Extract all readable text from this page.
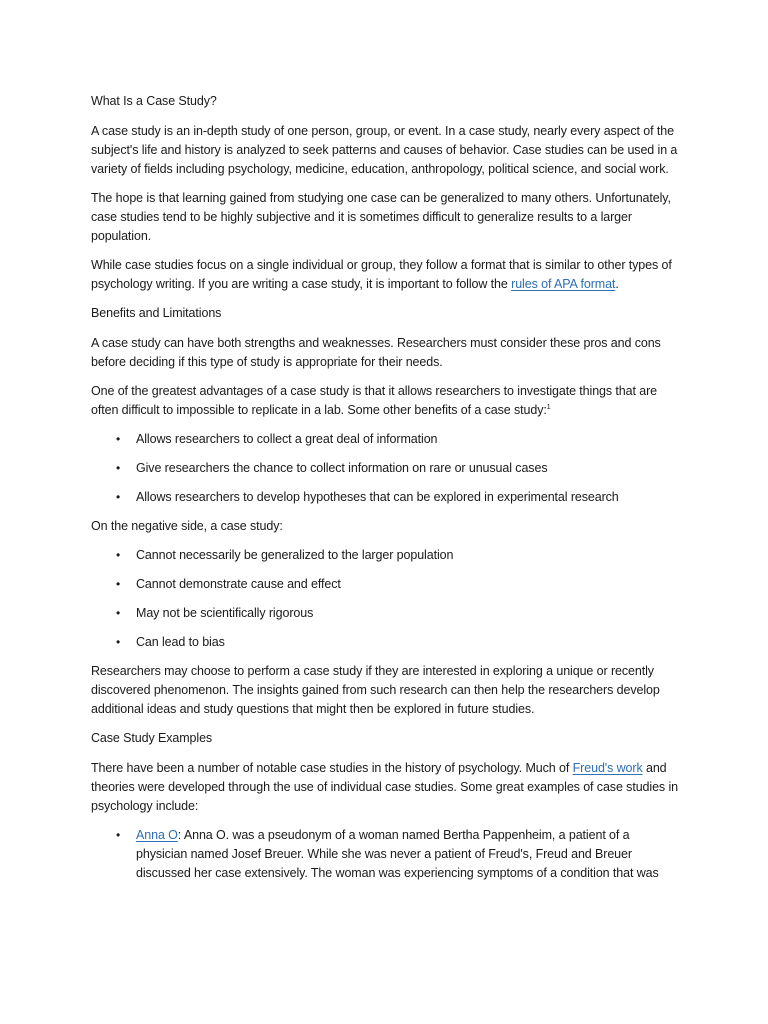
What Is a Case Study?

A case study is an in-depth study of one person, group, or event. In a case study, nearly every aspect of the subject's life and history is analyzed to seek patterns and causes of behavior. Case studies can be used in a variety of fields including psychology, medicine, education, anthropology, political science, and social work.

The hope is that learning gained from studying one case can be generalized to many others. Unfortunately, case studies tend to be highly subjective and it is sometimes difficult to generalize results to a larger population.

While case studies focus on a single individual or group, they follow a format that is similar to other types of psychology writing. If you are writing a case study, it is important to follow the rules of APA format.

Benefits and Limitations

A case study can have both strengths and weaknesses. Researchers must consider these pros and cons before deciding if this type of study is appropriate for their needs.

One of the greatest advantages of a case study is that it allows researchers to investigate things that are often difficult to impossible to replicate in a lab. Some other benefits of a case study:$^1$

• Allows researchers to collect a great deal of information
• Give researchers the chance to collect information on rare or unusual cases
• Allows researchers to develop hypotheses that can be explored in experimental research

On the negative side, a case study:

• Cannot necessarily be generalized to the larger population
• Cannot demonstrate cause and effect
• May not be scientifically rigorous
• Can lead to bias

Researchers may choose to perform a case study if they are interested in exploring a unique or recently discovered phenomenon. The insights gained from such research can then help the researchers develop additional ideas and study questions that might then be explored in future studies.

Case Study Examples

There have been a number of notable case studies in the history of psychology. Much of Freud's work and theories were developed through the use of individual case studies. Some great examples of case studies in psychology include:

• Anna O: Anna O. was a pseudonym of a woman named Bertha Pappenheim, a patient of a physician named Josef Breuer. While she was never a patient of Freud's, Freud and Breuer discussed her case extensively. The woman was experiencing symptoms of a condition that was
